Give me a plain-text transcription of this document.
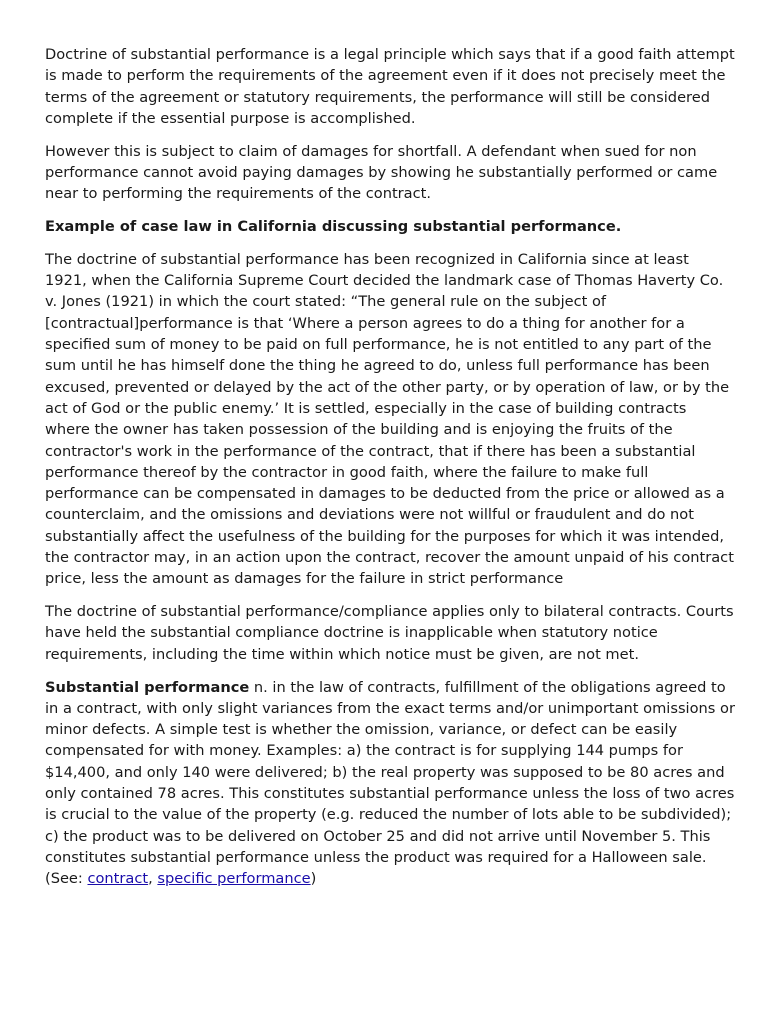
Doctrine of substantial performance is a legal principle which says that if a good faith attempt is made to perform the requirements of the agreement even if it does not precisely meet the terms of the agreement or statutory requirements, the performance will still be considered complete if the essential purpose is accomplished.

However this is subject to claim of damages for shortfall. A defendant when sued for non performance cannot avoid paying damages by showing he substantially performed or came near to performing the requirements of the contract.

Example of case law in California discussing substantial performance.

The doctrine of substantial performance has been recognized in California since at least 1921, when the California Supreme Court decided the landmark case of Thomas Haverty Co. v. Jones (1921) in which the court stated: “The general rule on the subject of [contractual]performance is that ‘Where a person agrees to do a thing for another for a specified sum of money to be paid on full performance, he is not entitled to any part of the sum until he has himself done the thing he agreed to do, unless full performance has been excused, prevented or delayed by the act of the other party, or by operation of law, or by the act of God or the public enemy.’ It is settled, especially in the case of building contracts where the owner has taken possession of the building and is enjoying the fruits of the contractor's work in the performance of the contract, that if there has been a substantial performance thereof by the contractor in good faith, where the failure to make full performance can be compensated in damages to be deducted from the price or allowed as a counterclaim, and the omissions and deviations were not willful or fraudulent and do not substantially affect the usefulness of the building for the purposes for which it was intended, the contractor may, in an action upon the contract, recover the amount unpaid of his contract price, less the amount as damages for the failure in strict performance

The doctrine of substantial performance/compliance applies only to bilateral contracts. Courts have held the substantial compliance doctrine is inapplicable when statutory notice requirements, including the time within which notice must be given, are not met.

Substantial performance n. in the law of contracts, fulfillment of the obligations agreed to in a contract, with only slight variances from the exact terms and/or unimportant omissions or minor defects. A simple test is whether the omission, variance, or defect can be easily compensated for with money. Examples: a) the contract is for supplying 144 pumps for $14,400, and only 140 were delivered; b) the real property was supposed to be 80 acres and only contained 78 acres. This constitutes substantial performance unless the loss of two acres is crucial to the value of the property (e.g. reduced the number of lots able to be subdivided); c) the product was to be delivered on October 25 and did not arrive until November 5. This constitutes substantial performance unless the product was required for a Halloween sale. (See: contract, specific performance)
